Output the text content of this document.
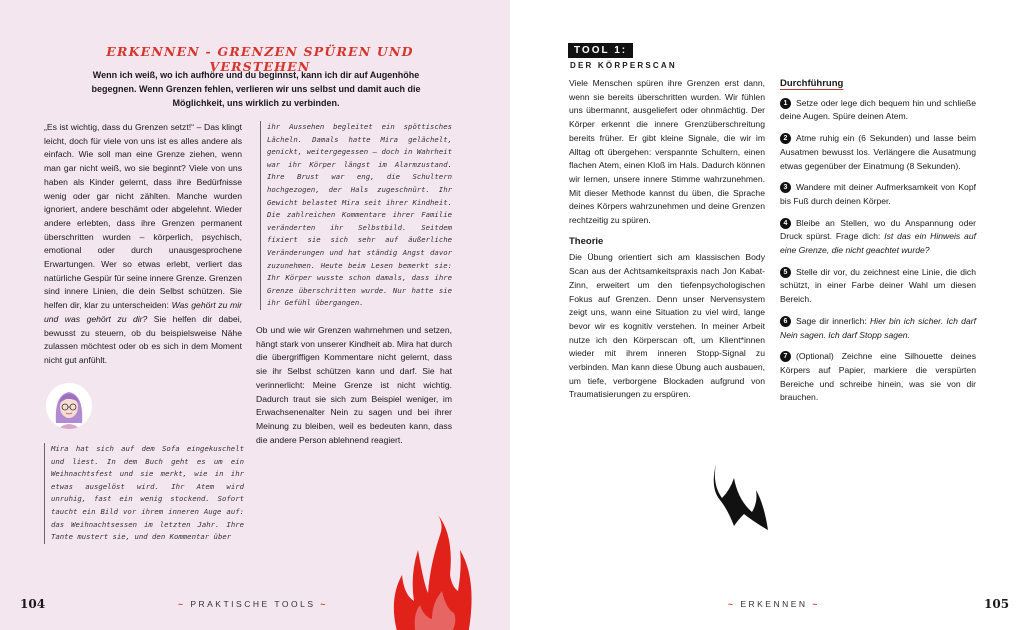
ERKENNEN - GRENZEN SPÜREN UND VERSTEHEN
Wenn ich weiß, wo ich aufhöre und du beginnst, kann ich dir auf Augenhöhe begegnen. Wenn Grenzen fehlen, verlieren wir uns selbst und damit auch die Möglichkeit, uns wirklich zu verbinden.
„Es ist wichtig, dass du Grenzen setzt!“ – Das klingt leicht, doch für viele von uns ist es alles andere als einfach. Wie soll man eine Grenze ziehen, wenn man gar nicht weiß, wo sie beginnt? Viele von uns haben als Kinder gelernt, dass ihre Bedürfnisse wenig oder gar nicht zählten. Manche wurden ignoriert, andere beschämt oder abgelehnt. Wieder andere erlebten, dass ihre Grenzen permanent überschritten wurden – körperlich, psychisch, emotional oder durch unausgesprochene Erwartungen. Wer so etwas erlebt, verliert das natürliche Gespür für seine innere Grenze. Grenzen sind innere Linien, die dein Selbst schützen. Sie helfen dir, klar zu unterscheiden: Was gehört zu mir und was gehört zu dir? Sie helfen dir dabei, bewusst zu steuern, ob du beispielsweise Nähe zulassen möchtest oder ob es sich in dem Moment nicht gut anfühlt.
Mira hat sich auf dem Sofa eingekuschelt und liest. In dem Buch geht es um ein Weihnachtsfest und sie merkt, wie in ihr etwas ausgelöst wird. Ihr Atem wird unruhig, fast ein wenig stockend. Sofort taucht ein Bild vor ihrem inneren Auge auf: das Weihnachtsessen im letzten Jahr. Ihre Tante mustert sie, und den Kommentar über
ihr Aussehen begleitet ein spöttisches Lächeln. Damals hatte Mira gelächelt, genickt, weitergegessen – doch in Wahrheit war ihr Körper längst im Alarmzustand. Ihre Brust war eng, die Schultern hochgezogen, der Hals zugeschnürt. Ihr Gewicht belastet Mira seit ihrer Kindheit. Die zahlreichen Kommentare ihrer Familie veränderten ihr Selbstbild. Seitdem fixiert sie sich sehr auf äußerliche Veränderungen und hat ständig Angst davor zuzunehmen. Heute beim Lesen bemerkt sie: Ihr Körper wusste schon damals, dass ihre Grenze überschritten wurde. Nur hatte sie ihr Gefühl übergangen.
Ob und wie wir Grenzen wahrnehmen und setzen, hängt stark von unserer Kindheit ab. Mira hat durch die übergriffigen Kommentare nicht gelernt, dass sie ihr Selbst schützen kann und darf. Sie hat verinnerlicht: Meine Grenze ist nicht wichtig. Dadurch traut sie sich zum Beispiel weniger, im Erwachsenenalter Nein zu sagen und bei ihrer Meinung zu bleiben, weil es bedeuten kann, dass die andere Person ablehnend reagiert.
104	~ PRAKTISCHE TOOLS ~
TOOL 1:
DER KÖRPERSCAN
Viele Menschen spüren ihre Grenzen erst dann, wenn sie bereits überschritten wurden. Wir fühlen uns übermannt, ausgeliefert oder ohnmächtig. Der Körper erkennt die innere Grenzüberschreitung bereits früher. Er gibt kleine Signale, die wir im Alltag oft übergehen: verspannte Schultern, einen flachen Atem, einen Kloß im Hals. Dadurch können wir lernen, unsere innere Stimme wahrzunehmen. Mit dieser Methode kannst du üben, die Sprache deines Körpers wahrzunehmen und deine Grenzen rechtzeitig zu spüren.
Theorie
Die Übung orientiert sich am klassischen Body Scan aus der Achtsamkeitspraxis nach Jon Kabat-Zinn, erweitert um den tiefenpsychologischen Fokus auf Grenzen. Denn unser Nervensystem zeigt uns, wann eine Situation zu viel wird, lange bevor wir es kognitiv verstehen. In meiner Arbeit nutze ich den Körperscan oft, um Klient*innen wieder mit ihrem inneren Stopp-Signal zu verbinden. Man kann diese Übung auch ausbauen, um tiefe, verborgene Blockaden aufgrund von Traumatisierungen zu erspüren.
Durchführung
1 Setze oder lege dich bequem hin und schließe deine Augen. Spüre deinen Atem.
2 Atme ruhig ein (6 Sekunden) und lasse beim Ausatmen bewusst los. Verlängere die Ausatmung etwas gegenüber der Einatmung (8 Sekunden).
3 Wandere mit deiner Aufmerksamkeit von Kopf bis Fuß durch deinen Körper.
4 Bleibe an Stellen, wo du Anspannung oder Druck spürst. Frage dich: Ist das ein Hinweis auf eine Grenze, die nicht geachtet wurde?
5 Stelle dir vor, du zeichnest eine Linie, die dich schützt, in einer Farbe deiner Wahl um diesen Bereich.
6 Sage dir innerlich: Hier bin ich sicher. Ich darf Nein sagen. Ich darf Stopp sagen.
7 (Optional) Zeichne eine Silhouette deines Körpers auf Papier, markiere die verspürten Bereiche und schreibe hinein, was sie von dir brauchen.
~ ERKENNEN ~	105
